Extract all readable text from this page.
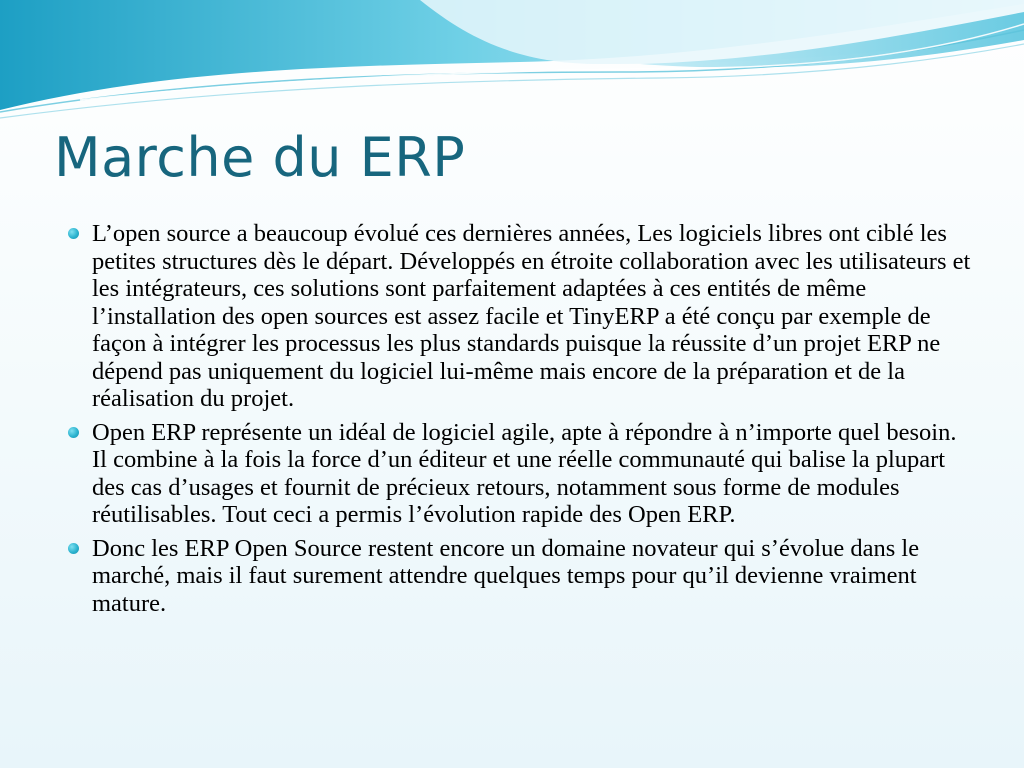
Marche du ERP
L’open source a beaucoup évolué ces dernières années, Les logiciels libres ont ciblé les petites structures dès le départ. Développés en étroite collaboration avec les utilisateurs et les intégrateurs, ces solutions sont parfaitement adaptées à ces entités de même l’installation des open sources est assez facile et TinyERP a été conçu par exemple de façon à intégrer les processus les plus standards puisque la réussite d’un projet ERP ne dépend pas uniquement du logiciel lui-même mais encore de la préparation et de la réalisation du projet.
Open ERP représente un idéal de logiciel agile, apte à répondre à n’importe quel besoin. Il combine à la fois la force d’un éditeur et une réelle communauté qui balise la plupart des cas d’usages et fournit de précieux retours, notamment sous forme de modules réutilisables. Tout ceci a permis l’évolution rapide des Open ERP.
Donc les ERP Open Source restent encore un domaine novateur qui s’évolue dans le marché, mais il faut surement attendre quelques temps pour qu’il devienne vraiment mature.
